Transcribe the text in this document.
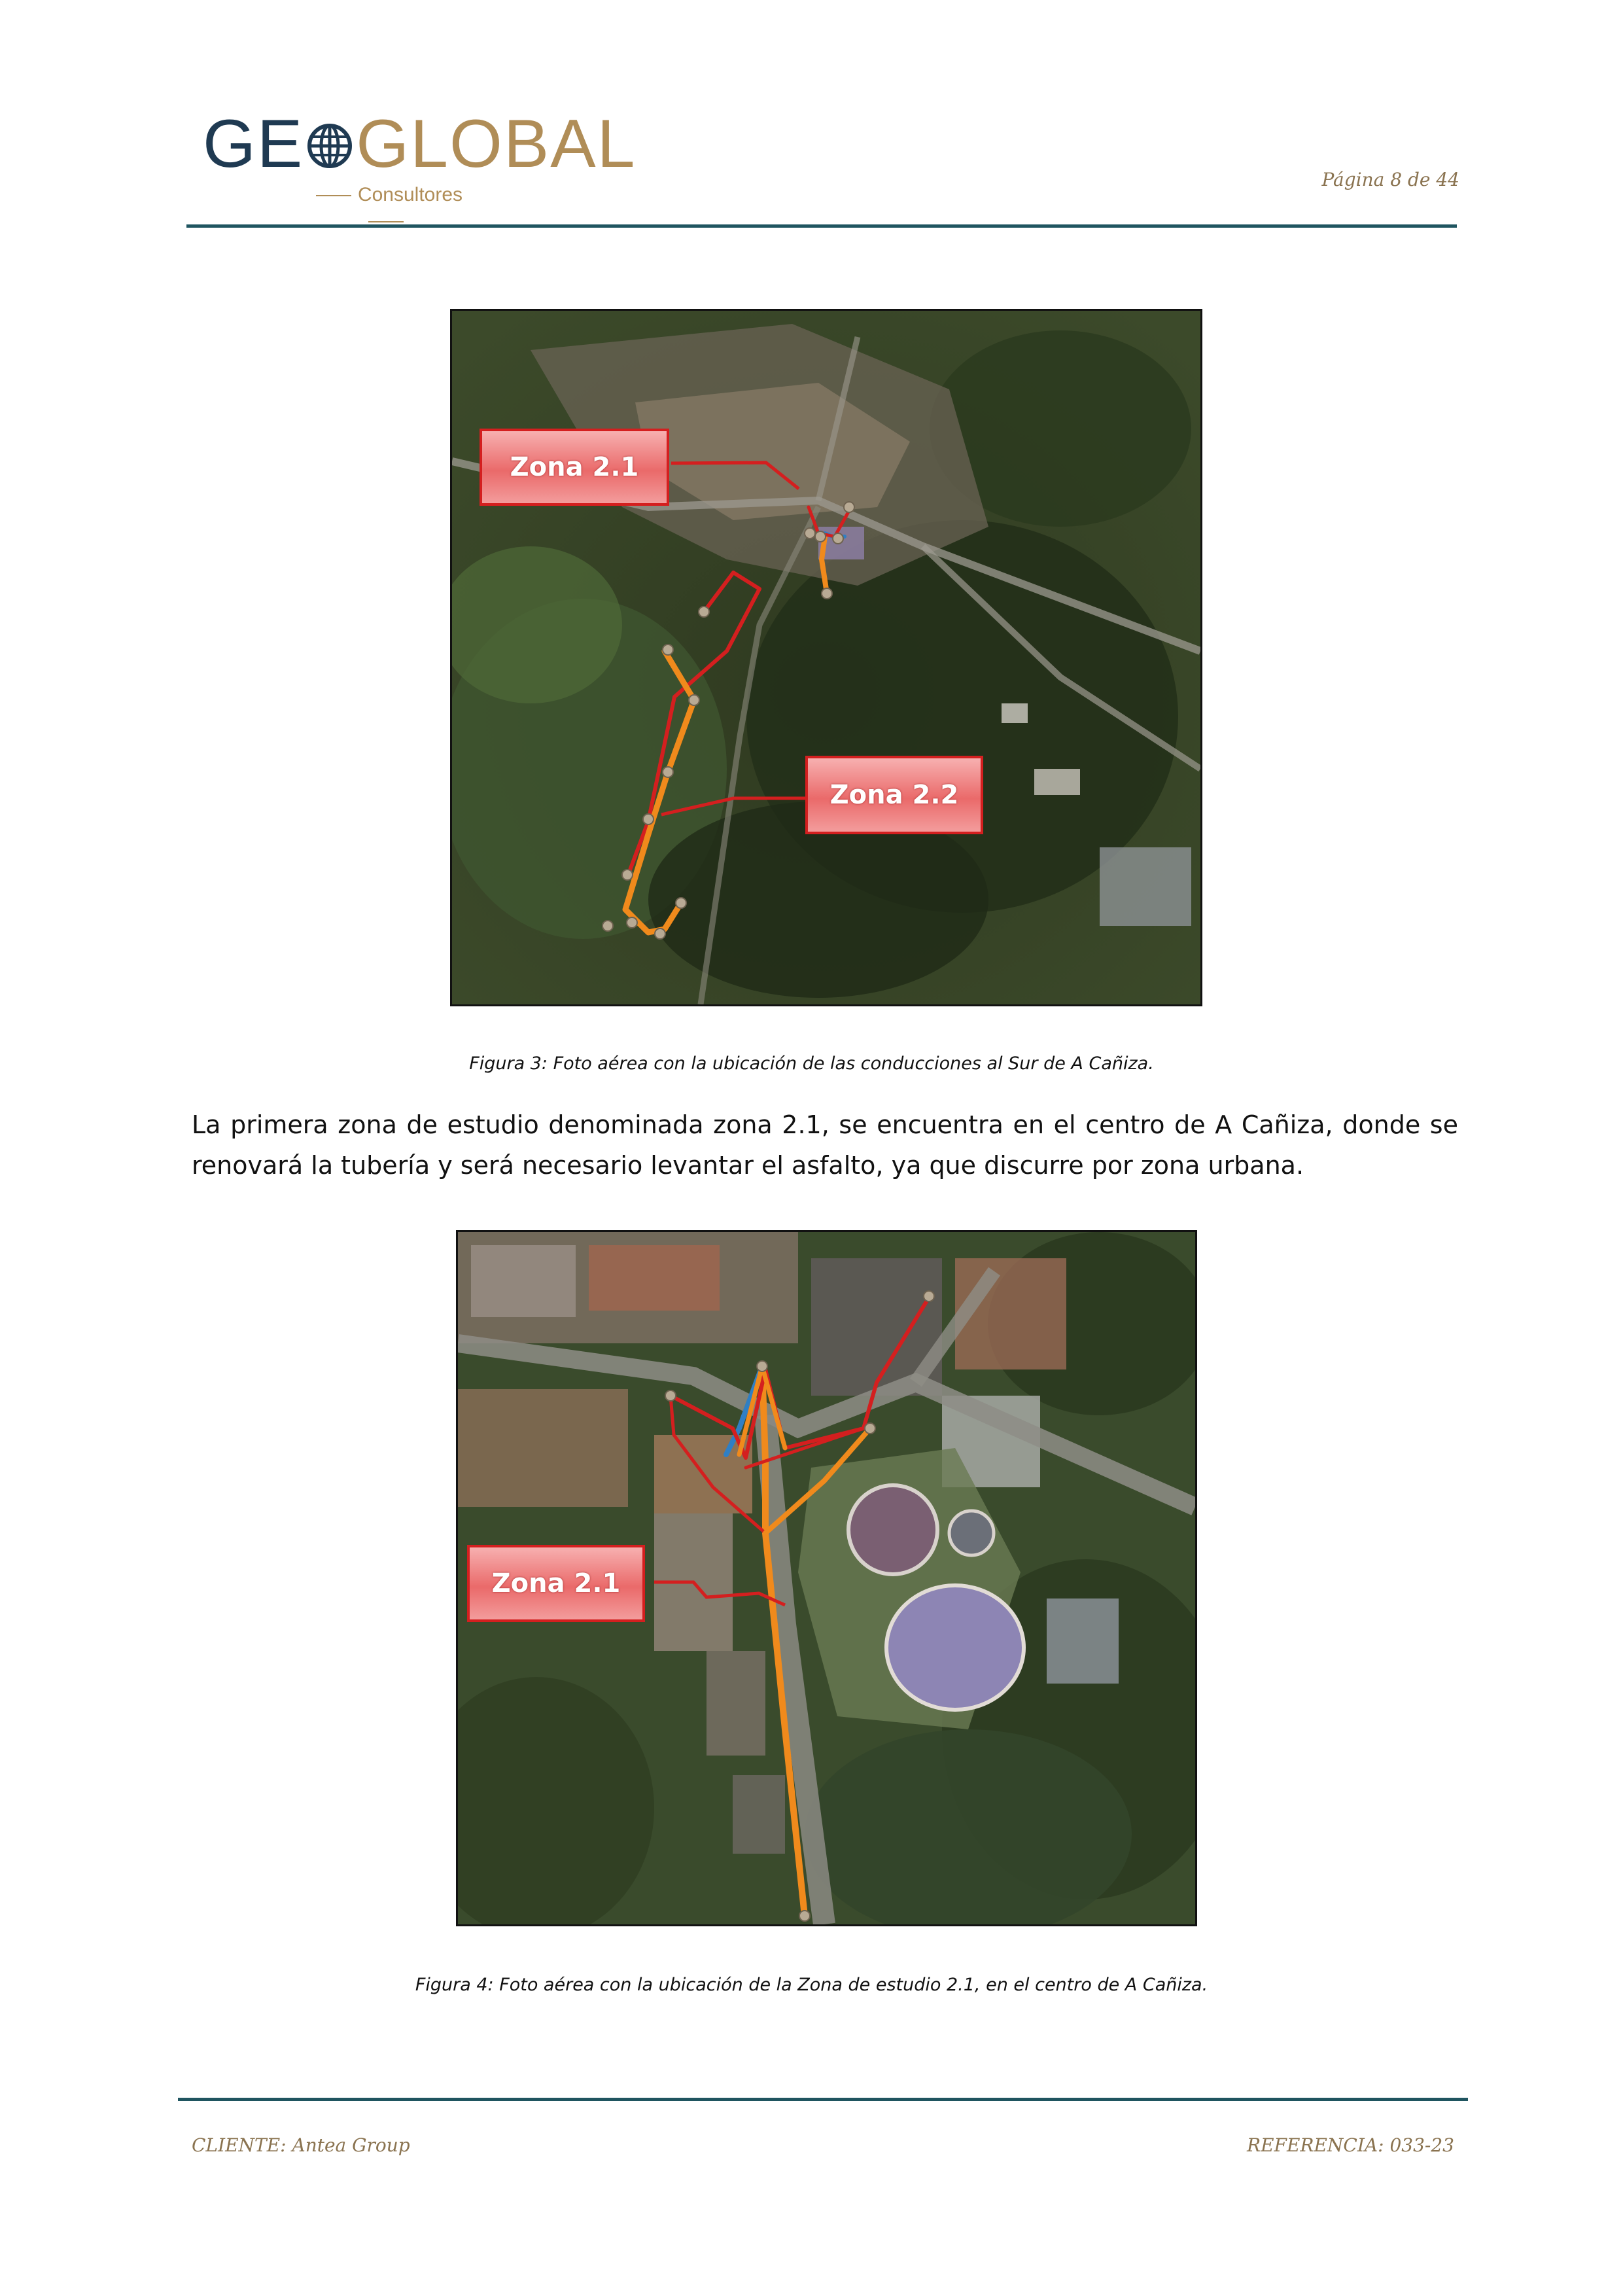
GE GLOBAL
Consultores
Página 8 de 44
Zona 2.1
Zona 2.2
Figura 3: Foto aérea con la ubicación de las conducciones al Sur de A Cañiza.
La primera zona de estudio denominada zona 2.1, se encuentra en el centro de A Cañiza, donde se renovará la tubería y será necesario levantar el asfalto, ya que discurre por zona urbana.
Zona 2.1
Figura 4: Foto aérea con la ubicación de la Zona de estudio 2.1, en el centro de A Cañiza.
CLIENTE: Antea Group	REFERENCIA: 033-23
